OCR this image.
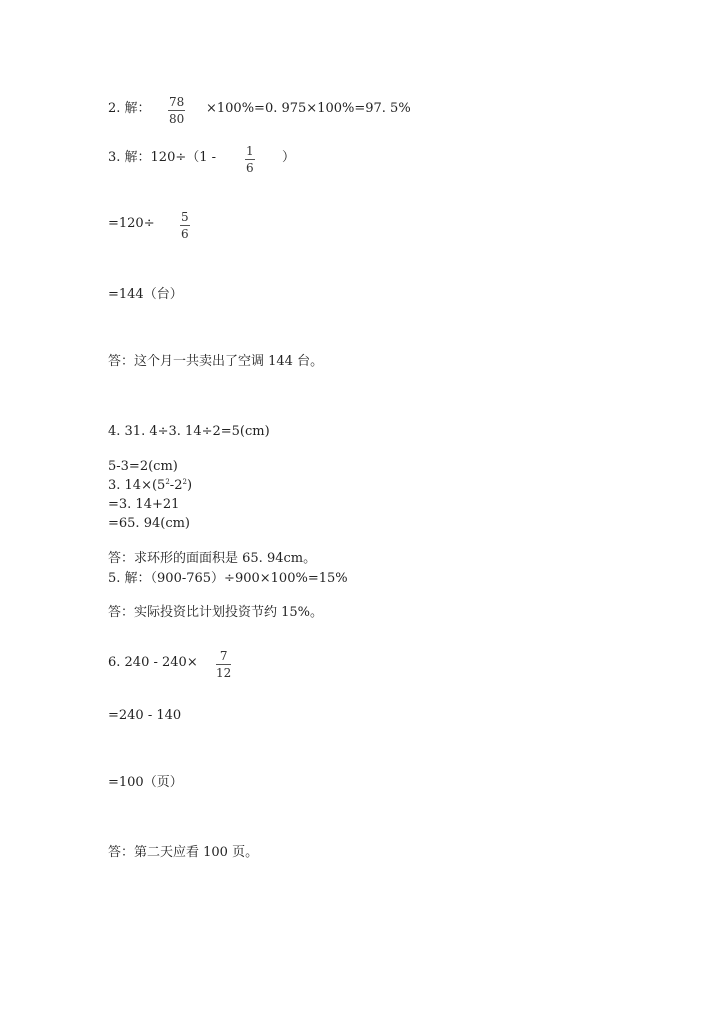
2. 解： 78
80
×100%=0. 975×100%=97. 5%
3. 解：120÷（1 - 1
6
）
=120÷ 5
6
=144（台）
答：这个月一共卖出了空调 144 台。
4. 31. 4÷3. 14÷2=5(cm)
5-3=2(cm)
3. $14\times(5^2-2^2)$
=3. 14+21
=65. 94(cm)
答：求环形的面面积是 65. 94cm。
5. 解：（900-765）÷900×100%=15%
答：实际投资比计划投资节约 15%。
6. 240 - 240× 7
12
=240 - 140
=100（页）
答：第二天应看 100 页。
